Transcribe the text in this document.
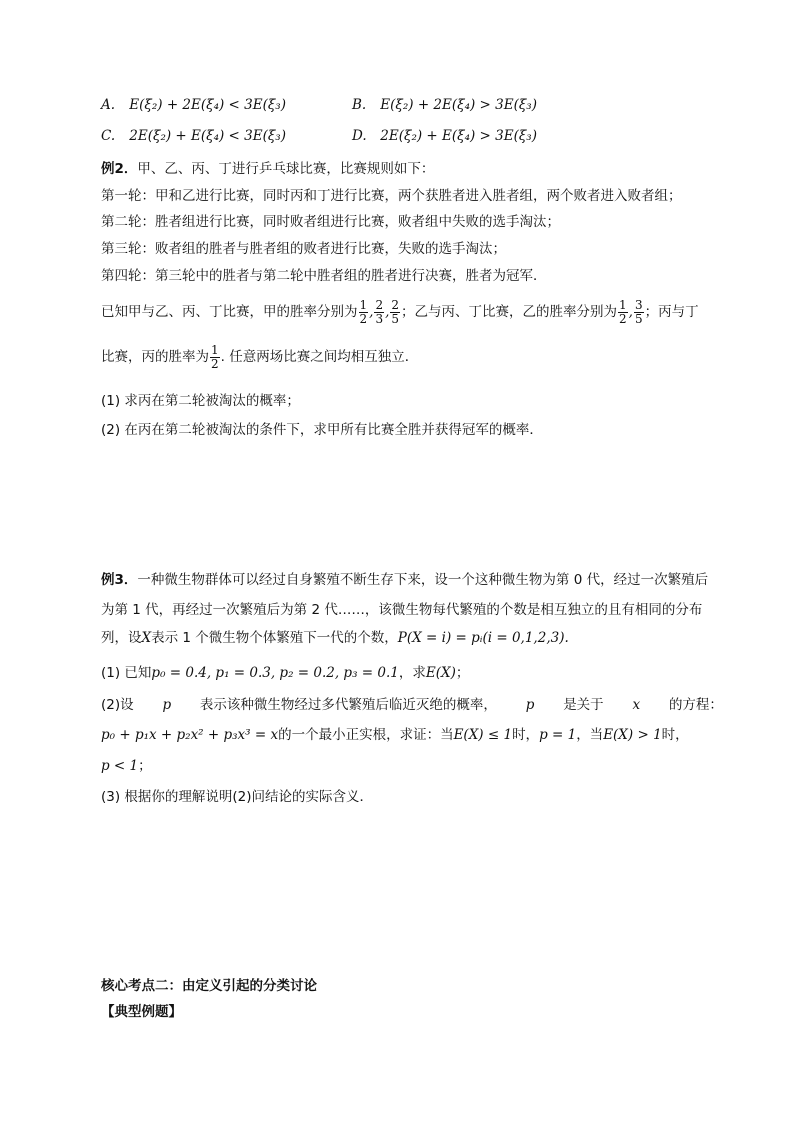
A. E(ξ₂) + 2E(ξ₄) < 3E(ξ₃)	B. E(ξ₂) + 2E(ξ₄) > 3E(ξ₃)
C. 2E(ξ₂) + E(ξ₄) < 3E(ξ₃)	D. 2E(ξ₂) + E(ξ₄) > 3E(ξ₃)
例2．甲、乙、丙、丁进行乒乓球比赛，比赛规则如下：
第一轮：甲和乙进行比赛，同时丙和丁进行比赛，两个获胜者进入胜者组，两个败者进入败者组；
第二轮：胜者组进行比赛，同时败者组进行比赛，败者组中失败的选手淘汰；
第三轮：败者组的胜者与胜者组的败者进行比赛，失败的选手淘汰；
第四轮：第三轮中的胜者与第二轮中胜者组的胜者进行决赛，胜者为冠军．
已知甲与乙、丙、丁比赛，甲的胜率分别为 $\frac{1}{2}$ , $\frac{2}{3}$ , $\frac{2}{5}$ ；乙与丙、丁比赛，乙的胜率分别为 $\frac{1}{2}$ , $\frac{3}{5}$ ；丙与丁
比赛，丙的胜率为 $\frac{1}{2}$ . 任意两场比赛之间均相互独立．
(1) 求丙在第二轮被淘汰的概率；
(2) 在丙在第二轮被淘汰的条件下，求甲所有比赛全胜并获得冠军的概率．
例3．一种微生物群体可以经过自身繁殖不断生存下来，设一个这种微生物为第 0 代，经过一次繁殖后
为第 1 代，再经过一次繁殖后为第 2 代……，该微生物每代繁殖的个数是相互独立的且有相同的分布
列，设X表示 1 个微生物个体繁殖下一代的个数，P(X = i) = pᵢ(i = 0,1,2,3).
(1) 已知p₀ = 0.4, p₁ = 0.3, p₂ = 0.2, p₃ = 0.1，求E(X)；
(2)设 p 表示该种微生物经过多代繁殖后临近灭绝的概率， p 是关于 x 的方程：
p₀ + p₁x + p₂x² + p₃x³ = x的一个最小正实根，求证：当E(X) ≤ 1时，p = 1，当E(X) > 1时，
p < 1；
(3) 根据你的理解说明(2)问结论的实际含义．
核心考点二：由定义引起的分类讨论
【典型例题】
